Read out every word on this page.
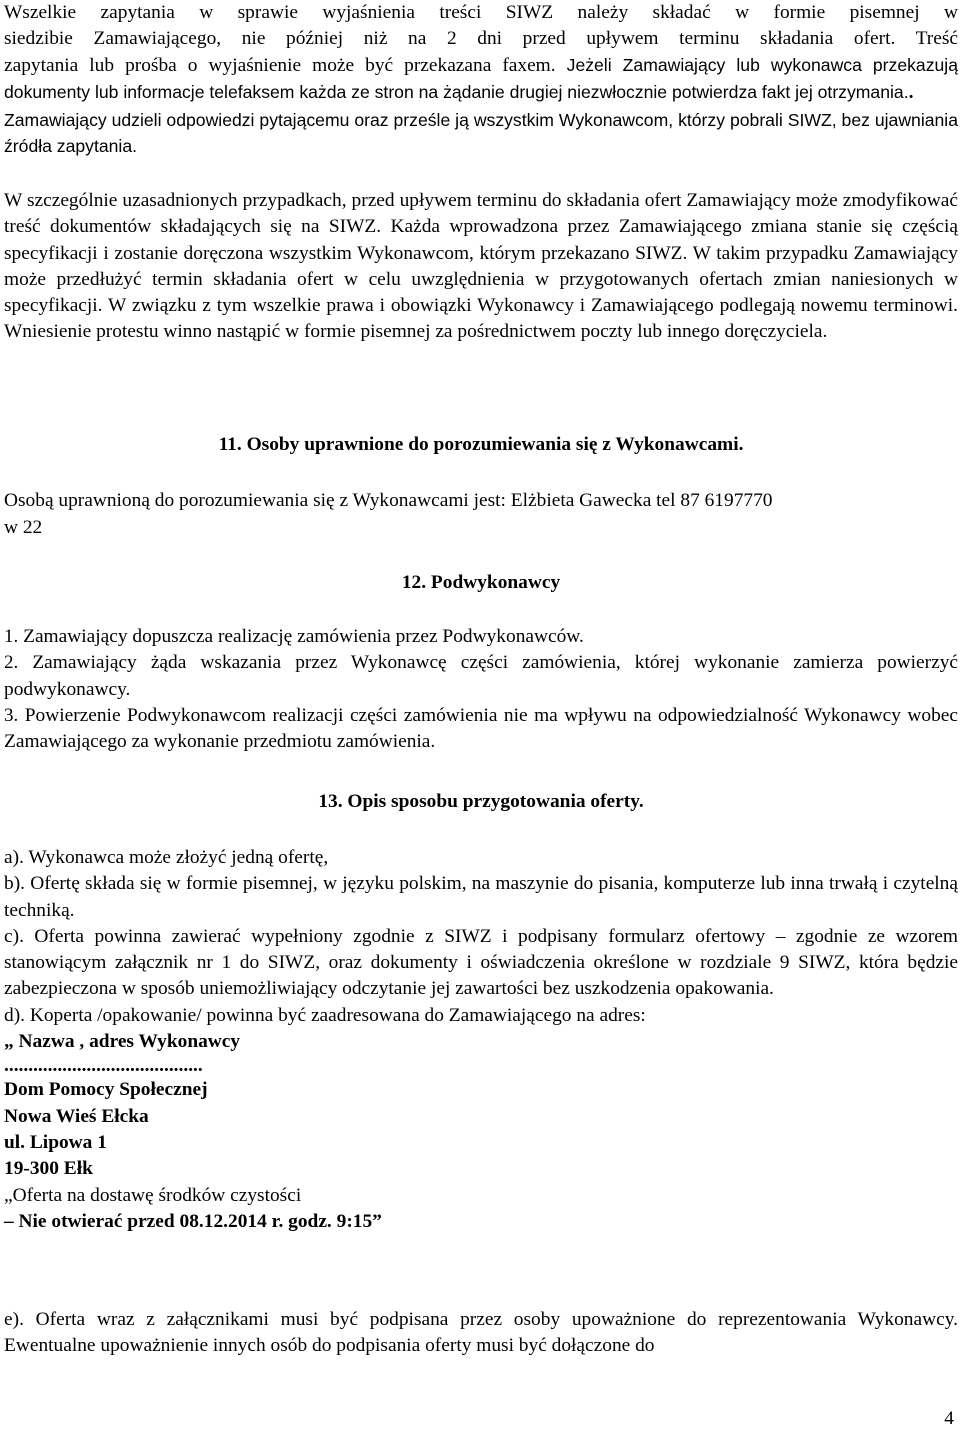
Wszelkie zapytania w sprawie wyjaśnienia treści SIWZ należy składać w formie pisemnej w

siedzibie Zamawiającego, nie później niż na 2 dni przed upływem terminu składania ofert. Treść

zapytania lub prośba o wyjaśnienie może być przekazana faxem. Jeżeli Zamawiający lub wykonawca przekazują dokumenty lub informacje telefaksem każda ze stron na żądanie drugiej niezwłocznie potwierdza fakt jej otrzymania..

Zamawiający udzieli odpowiedzi pytającemu oraz prześle ją wszystkim Wykonawcom, którzy pobrali SIWZ, bez ujawniania źródła zapytania.

W szczególnie uzasadnionych przypadkach, przed upływem terminu do składania ofert Zamawiający może zmodyfikować treść dokumentów składających się na SIWZ. Każda wprowadzona przez Zamawiającego zmiana stanie się częścią specyfikacji i zostanie doręczona wszystkim Wykonawcom, którym przekazano SIWZ. W takim przypadku Zamawiający może przedłużyć termin składania ofert w celu uwzględnienia w przygotowanych ofertach zmian naniesionych w specyfikacji. W związku z tym wszelkie prawa i obowiązki Wykonawcy i Zamawiającego podlegają nowemu terminowi. Wniesienie protestu winno nastąpić w formie pisemnej za pośrednictwem poczty lub innego doręczyciela.

11. Osoby uprawnione do porozumiewania się z Wykonawcami.

Osobą uprawnioną do porozumiewania się z Wykonawcami jest: Elżbieta Gawecka tel 87 6197770

w 22

12. Podwykonawcy

1. Zamawiający dopuszcza realizację zamówienia przez Podwykonawców.

2. Zamawiający żąda wskazania przez Wykonawcę części zamówienia, której wykonanie zamierza powierzyć podwykonawcy.

3. Powierzenie Podwykonawcom realizacji części zamówienia nie ma wpływu na odpowiedzialność Wykonawcy wobec Zamawiającego za wykonanie przedmiotu zamówienia.

13. Opis sposobu przygotowania oferty.

a). Wykonawca może złożyć jedną ofertę,

b). Ofertę składa się w formie pisemnej, w języku polskim, na maszynie do pisania, komputerze lub inna trwałą i czytelną techniką.

c). Oferta powinna zawierać wypełniony zgodnie z SIWZ i podpisany formularz ofertowy – zgodnie ze wzorem stanowiącym załącznik nr 1 do SIWZ, oraz dokumenty i oświadczenia określone w rozdziale 9 SIWZ, która będzie zabezpieczona w sposób uniemożliwiający odczytanie jej zawartości bez uszkodzenia opakowania.

d). Koperta /opakowanie/ powinna być zaadresowana do Zamawiającego na adres:

„ Nazwa , adres Wykonawcy

.........................................

Dom Pomocy Społecznej

Nowa Wieś Ełcka

ul. Lipowa 1

19-300 Ełk

„Oferta na dostawę środków czystości

– Nie otwierać przed 08.12.2014 r. godz. 9:15”

e). Oferta wraz z załącznikami musi być podpisana przez osoby upoważnione do reprezentowania Wykonawcy. Ewentualne upoważnienie innych osób do podpisania oferty musi być dołączone do

4
